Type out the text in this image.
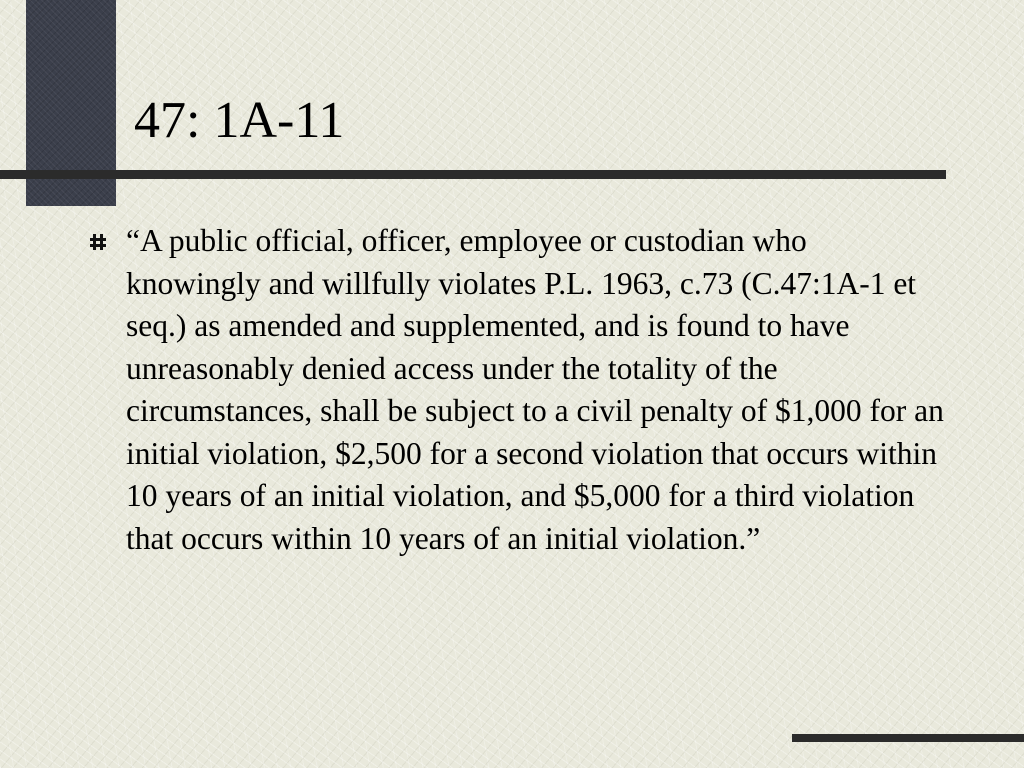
47: 1A-11
“A public official, officer, employee or custodian who knowingly and willfully violates P.L. 1963, c.73 (C.47:1A-1 et seq.) as amended and supplemented, and is found to have unreasonably denied access under the totality of the circumstances, shall be subject to a civil penalty of $1,000 for an initial violation, $2,500 for a second violation that occurs within 10 years of an initial violation, and $5,000 for a third violation that occurs within 10 years of an initial violation.”
